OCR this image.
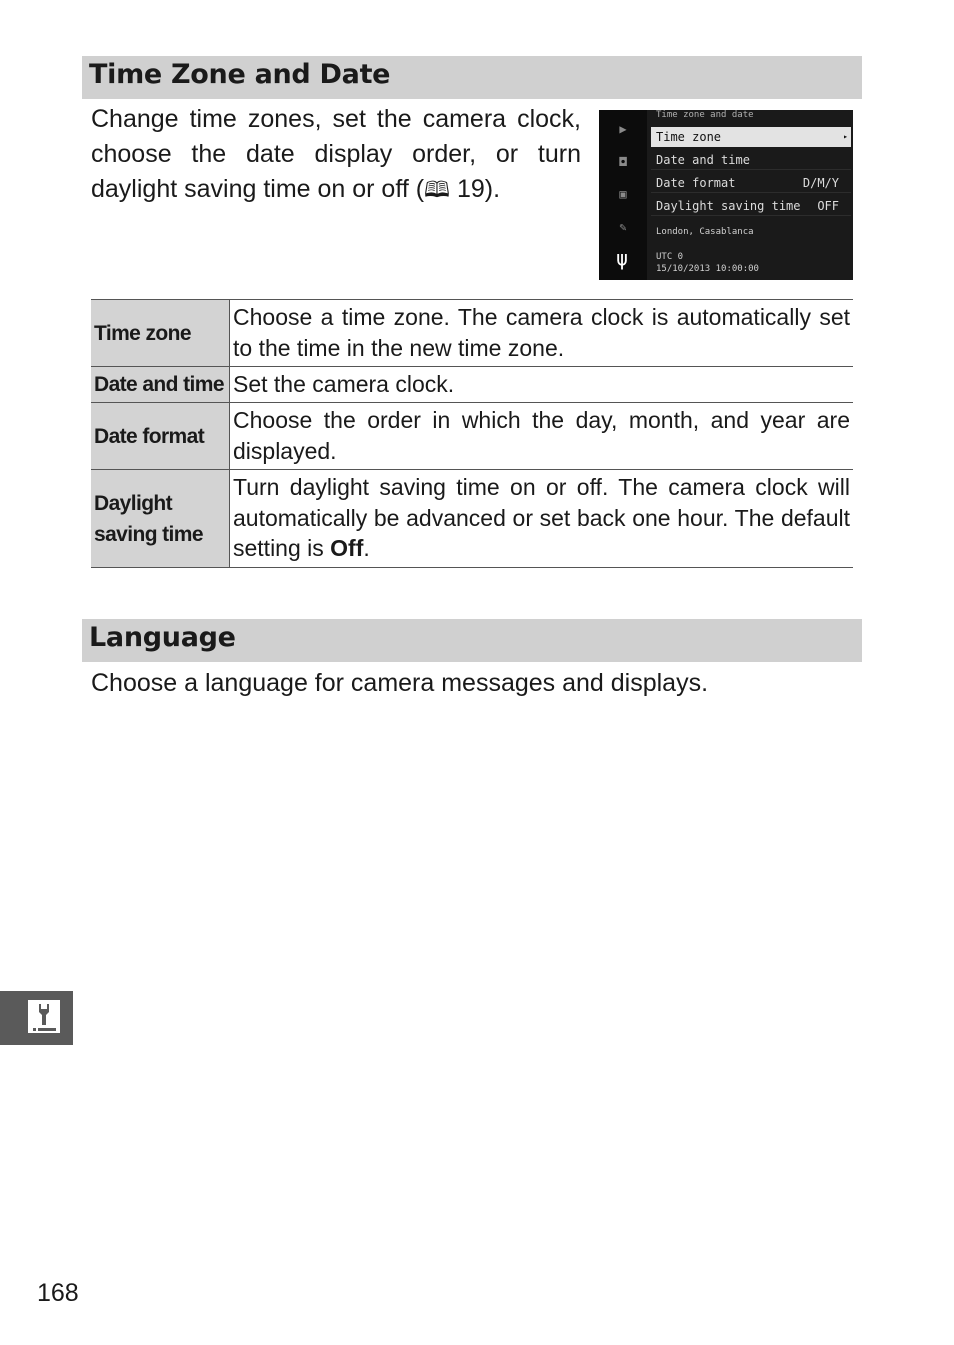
Time Zone and Date

Change time zones, set the camera clock, choose the date display order, or turn daylight saving time on or off (🕮 19).

▶
◘
▣
✎
ψ
Time zone and date
Time zone	▸
Date and time
Date format	D/M/Y
Daylight saving time OFF
London, Casablanca
UTC 0
15/10/2013 10:00:00
Time zone	Choose a time zone. The camera clock is automatically set to the time in the new time zone.
Date and time	Set the camera clock.
Date format	Choose the order in which the day, month, and year are displayed.
Daylight saving time	Turn daylight saving time on or off. The camera clock will automatically be advanced or set back one hour. The default setting is Off.
Language

Choose a language for camera messages and displays.

168
